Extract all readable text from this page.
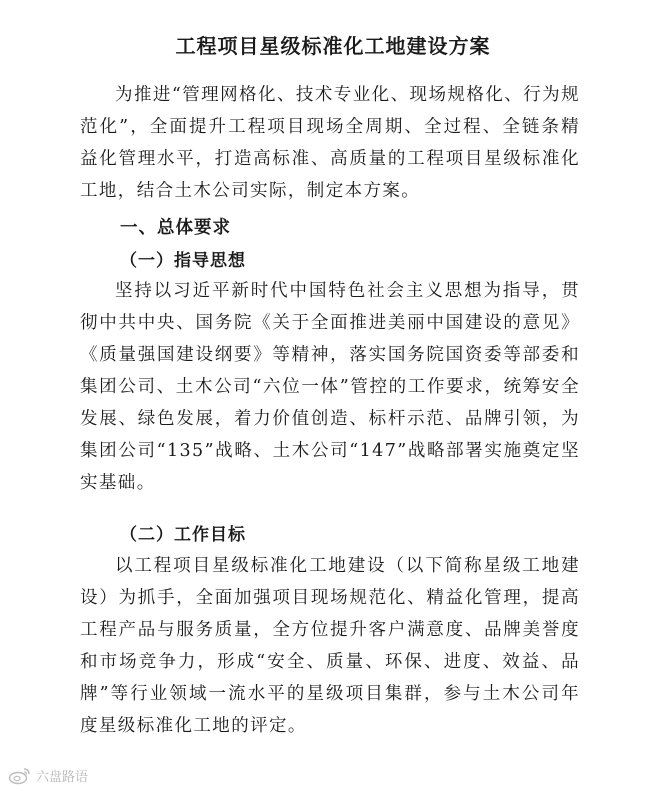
工程项目星级标准化工地建设方案

为推进“管理网格化、技术专业化、现场规格化、行为规范化”，全面提升工程项目现场全周期、全过程、全链条精益化管理水平，打造高标准、高质量的工程项目星级标准化工地，结合土木公司实际，制定本方案。

一、总体要求
（一）指导思想

坚持以习近平新时代中国特色社会主义思想为指导，贯彻中共中央、国务院《关于全面推进美丽中国建设的意见》《质量强国建设纲要》等精神，落实国务院国资委等部委和集团公司、土木公司“六位一体”管控的工作要求，统筹安全发展、绿色发展，着力价值创造、标杆示范、品牌引领，为集团公司“135”战略、土木公司“147”战略部署实施奠定坚实基础。

（二）工作目标

以工程项目星级标准化工地建设（以下简称星级工地建设）为抓手，全面加强项目现场规范化、精益化管理，提高工程产品与服务质量，全方位提升客户满意度、品牌美誉度和市场竞争力，形成“安全、质量、环保、进度、效益、品牌”等行业领域一流水平的星级项目集群，参与土木公司年度星级标准化工地的评定。

六盘路语
